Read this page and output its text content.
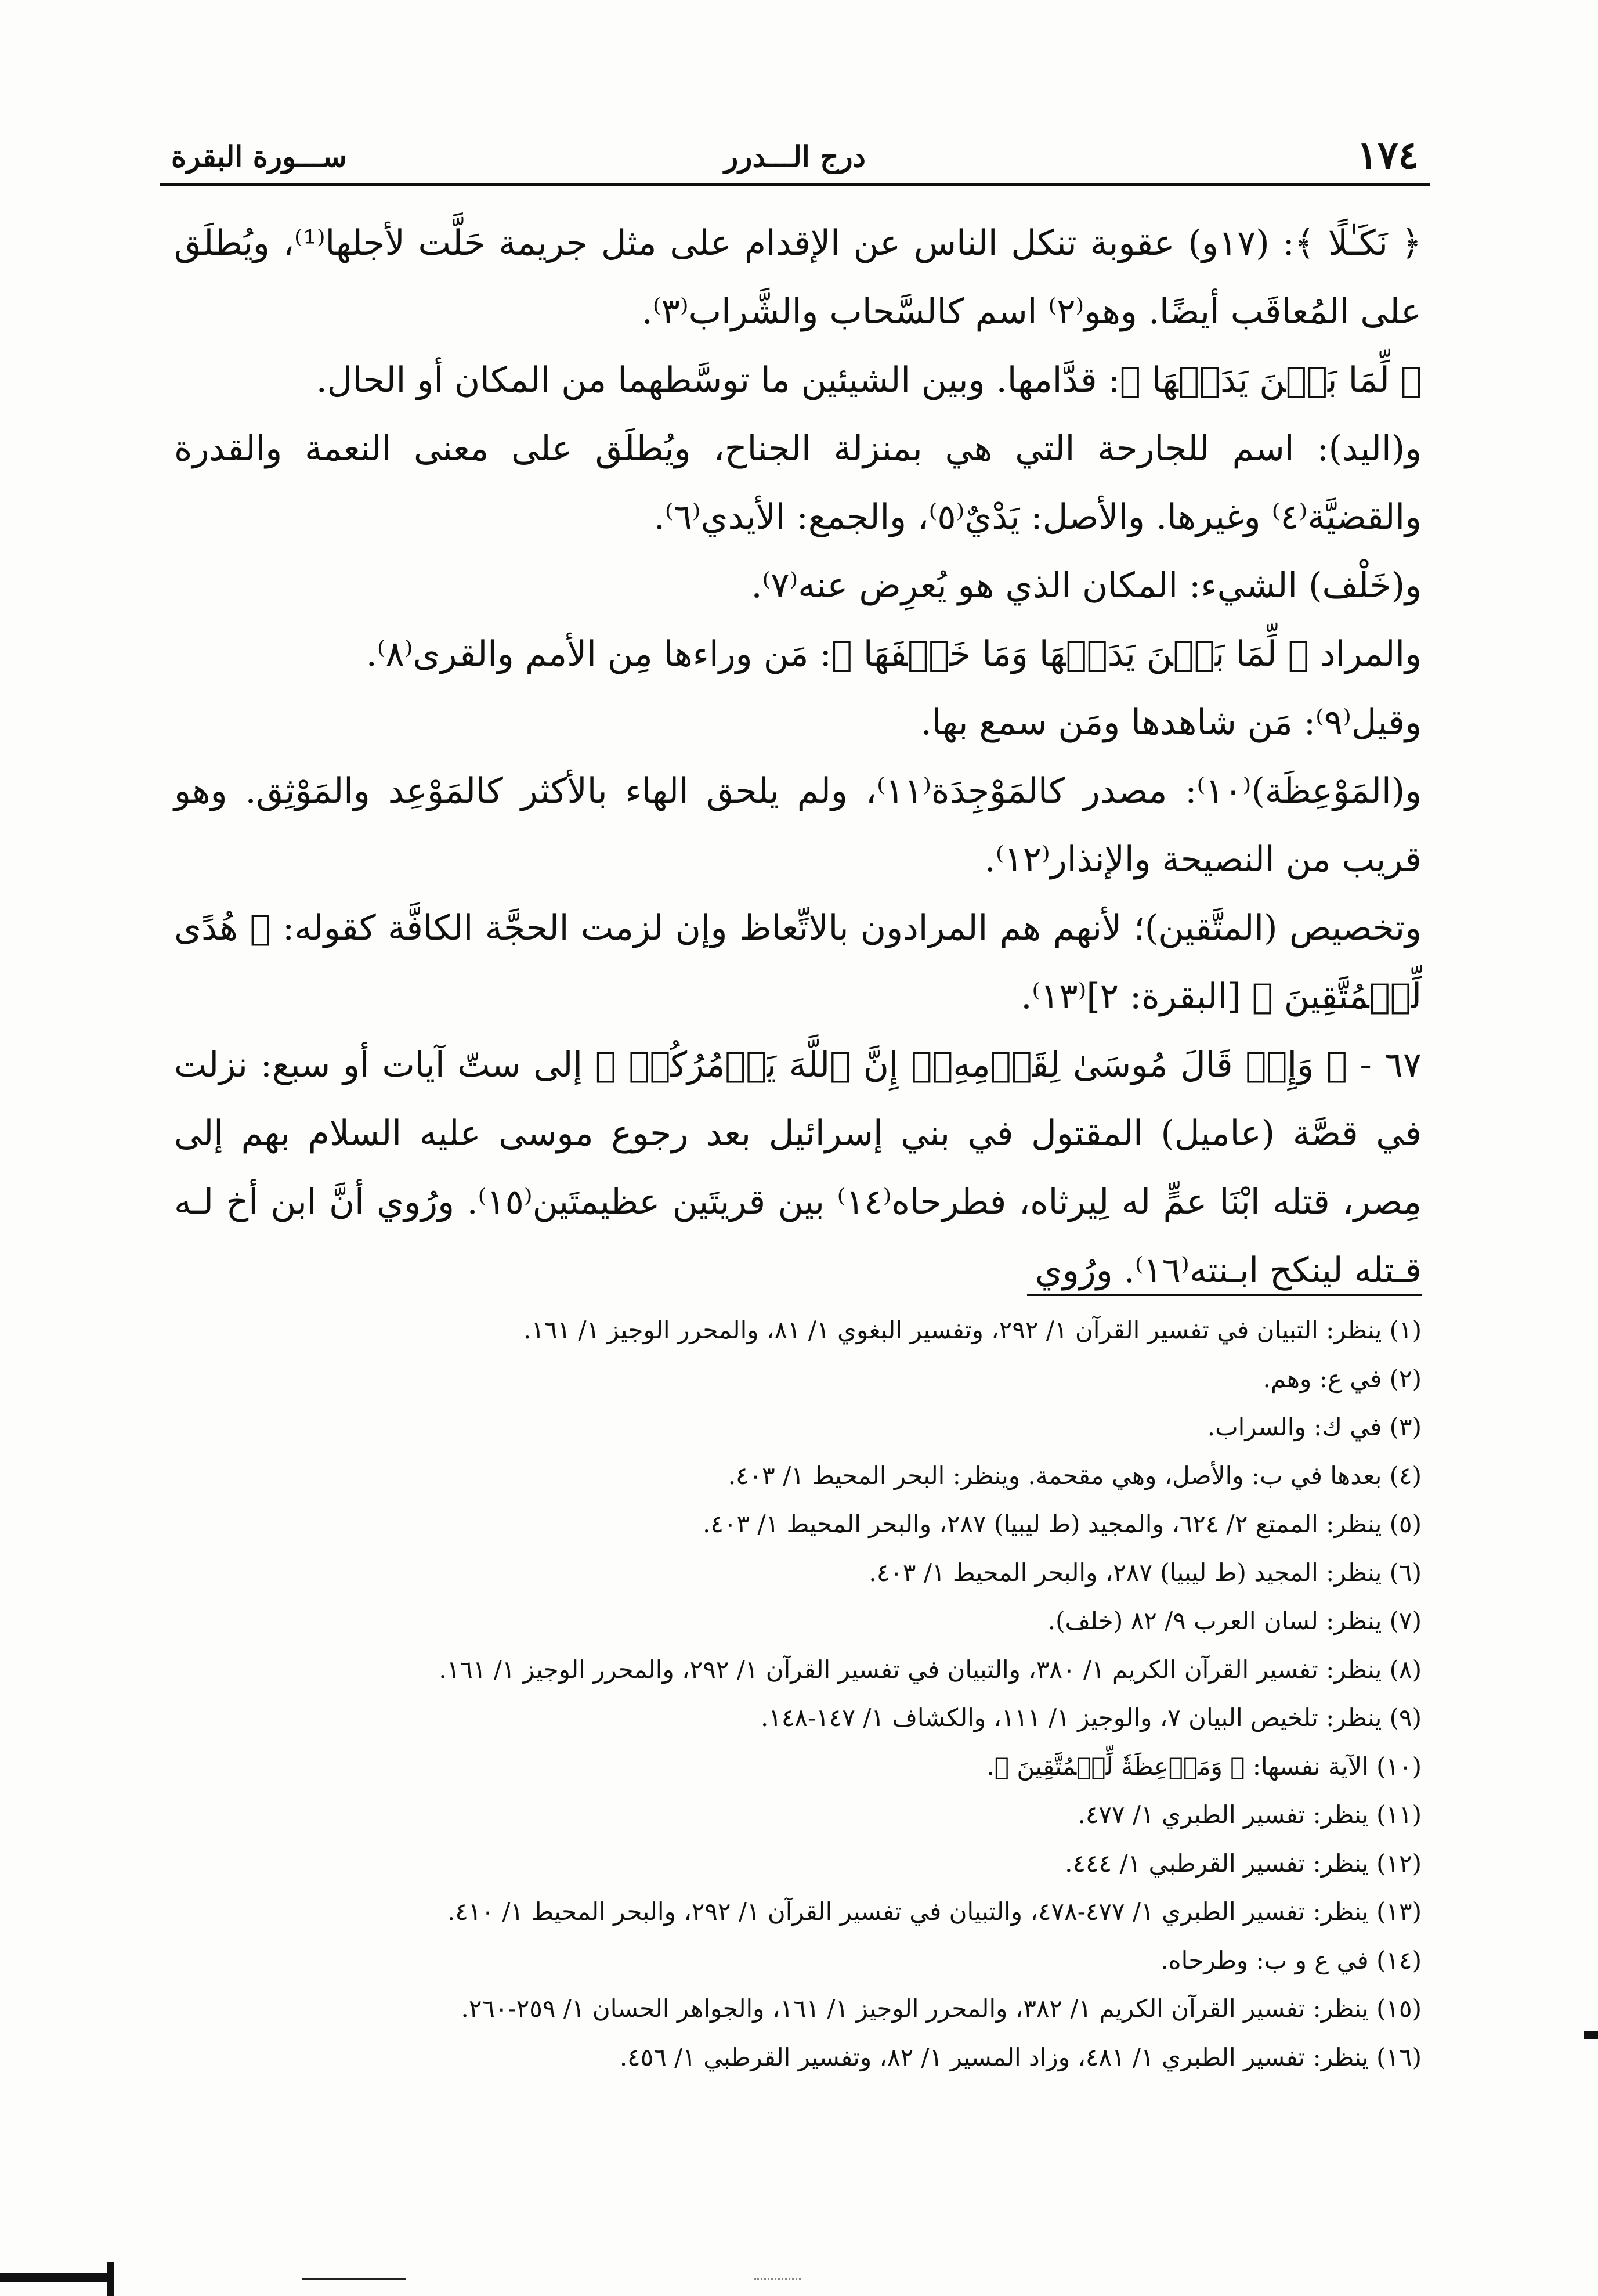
١٧٤
درج الـــدرر
ســـورة البقرة

﴿ نَكَـٰلًا ﴾: (١٧و) عقوبة تنكل الناس عن الإقدام على مثل جريمة حَلَّت لأجلها⁽¹⁾، ويُطلَق على المُعاقَب أيضًا. وهو⁽٢⁾ اسم كالسَّحاب والشَّراب⁽٣⁾.

﴿ لِّمَا بَيۡنَ يَدَيۡهَا ﴾: قدَّامها. وبين الشيئين ما توسَّطهما من المكان أو الحال.

و(اليد): اسم للجارحة التي هي بمنزلة الجناح، ويُطلَق على معنى النعمة والقدرة والقضيَّة⁽٤⁾ وغيرها. والأصل: يَدْيٌ⁽٥⁾، والجمع: الأيدي⁽٦⁾.

و(خَلْف) الشيء: المكان الذي هو يُعرِض عنه⁽٧⁾.

والمراد ﴿ لِّمَا بَيۡنَ يَدَيۡهَا وَمَا خَلۡفَهَا ﴾: مَن وراءها مِن الأمم والقرى⁽٨⁾.

وقيل⁽٩⁾: مَن شاهدها ومَن سمع بها.

و(المَوْعِظَة)⁽١٠⁾: مصدر كالمَوْجِدَة⁽١١⁾، ولم يلحق الهاء بالأكثر كالمَوْعِد والمَوْثِق. وهو قريب من النصيحة والإنذار⁽١٢⁾.

وتخصيص (المتَّقين)؛ لأنهم هم المرادون بالاتِّعاظ وإن لزمت الحجَّة الكافَّة كقوله: ﴿ هُدًى لِّلۡمُتَّقِينَ ﴾ [البقرة: ٢]⁽١٣⁾.

٦٧ - ﴿ وَإِذۡ قَالَ مُوسَىٰ لِقَوۡمِهِۦٓ إِنَّ ٱللَّهَ يَأۡمُرُكُمۡ ﴾ إلى ستّ آيات أو سبع: نزلت في قصَّة (عاميل) المقتول في بني إسرائيل بعد رجوع موسى عليه السلام بهم إلى مِصر، قتله ابْنَا عمٍّ له لِيرثاه، فطرحاه⁽١٤⁾ بين قريتَين عظيمتَين⁽١٥⁾. ورُوي أنَّ ابن أخ لـه قـتله لينكح ابـنته⁽١٦⁾. ورُوي

(١) ينظر: التبيان في تفسير القرآن ١/ ٢٩٢، وتفسير البغوي ١/ ٨١، والمحرر الوجيز ١/ ١٦١.
(٢) في ع: وهم.
(٣) في ك: والسراب.
(٤) بعدها في ب: والأصل، وهي مقحمة. وينظر: البحر المحيط ١/ ٤٠٣.
(٥) ينظر: الممتع ٢/ ٦٢٤، والمجيد (ط ليبيا) ٢٨٧، والبحر المحيط ١/ ٤٠٣.
(٦) ينظر: المجيد (ط ليبيا) ٢٨٧، والبحر المحيط ١/ ٤٠٣.
(٧) ينظر: لسان العرب ٩/ ٨٢ (خلف).
(٨) ينظر: تفسير القرآن الكريم ١/ ٣٨٠، والتبيان في تفسير القرآن ١/ ٢٩٢، والمحرر الوجيز ١/ ١٦١.
(٩) ينظر: تلخيص البيان ٧، والوجيز ١/ ١١١، والكشاف ١/ ١٤٧-١٤٨.
(١٠) الآية نفسها: ﴿ وَمَوۡعِظَةٗ لِّلۡمُتَّقِينَ ﴾.
(١١) ينظر: تفسير الطبري ١/ ٤٧٧.
(١٢) ينظر: تفسير القرطبي ١/ ٤٤٤.
(١٣) ينظر: تفسير الطبري ١/ ٤٧٧-٤٧٨، والتبيان في تفسير القرآن ١/ ٢٩٢، والبحر المحيط ١/ ٤١٠.
(١٤) في ع و ب: وطرحاه.
(١٥) ينظر: تفسير القرآن الكريم ١/ ٣٨٢، والمحرر الوجيز ١/ ١٦١، والجواهر الحسان ١/ ٢٥٩-٢٦٠.
(١٦) ينظر: تفسير الطبري ١/ ٤٨١، وزاد المسير ١/ ٨٢، وتفسير القرطبي ١/ ٤٥٦.
